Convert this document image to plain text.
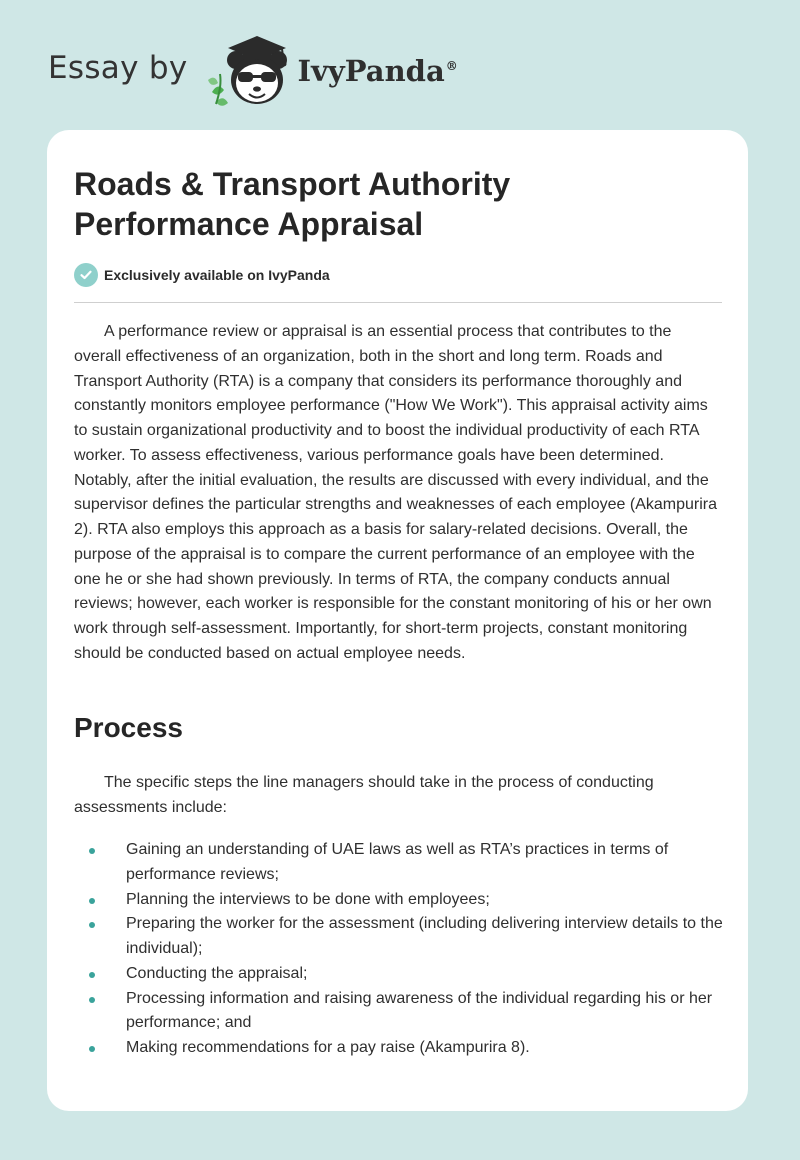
Essay by	IvyPanda®
Roads & Transport Authority Performance Appraisal
Exclusively available on IvyPanda

A performance review or appraisal is an essential process that contributes to the overall effectiveness of an organization, both in the short and long term. Roads and Transport Authority (RTA) is a company that considers its performance thoroughly and constantly monitors employee performance ("How We Work"). This appraisal activity aims to sustain organizational productivity and to boost the individual productivity of each RTA worker. To assess effectiveness, various performance goals have been determined. Notably, after the initial evaluation, the results are discussed with every individual, and the supervisor defines the particular strengths and weaknesses of each employee (Akampurira 2). RTA also employs this approach as a basis for salary-related decisions. Overall, the purpose of the appraisal is to compare the current performance of an employee with the one he or she had shown previously. In terms of RTA, the company conducts annual reviews; however, each worker is responsible for the constant monitoring of his or her own work through self-assessment. Importantly, for short-term projects, constant monitoring should be conducted based on actual employee needs.

Process

The specific steps the line managers should take in the process of conducting assessments include:

Gaining an understanding of UAE laws as well as RTA’s practices in terms of performance reviews;
Planning the interviews to be done with employees;
Preparing the worker for the assessment (including delivering interview details to the individual);
Conducting the appraisal;
Processing information and raising awareness of the individual regarding his or her performance; and
Making recommendations for a pay raise (Akampurira 8).
